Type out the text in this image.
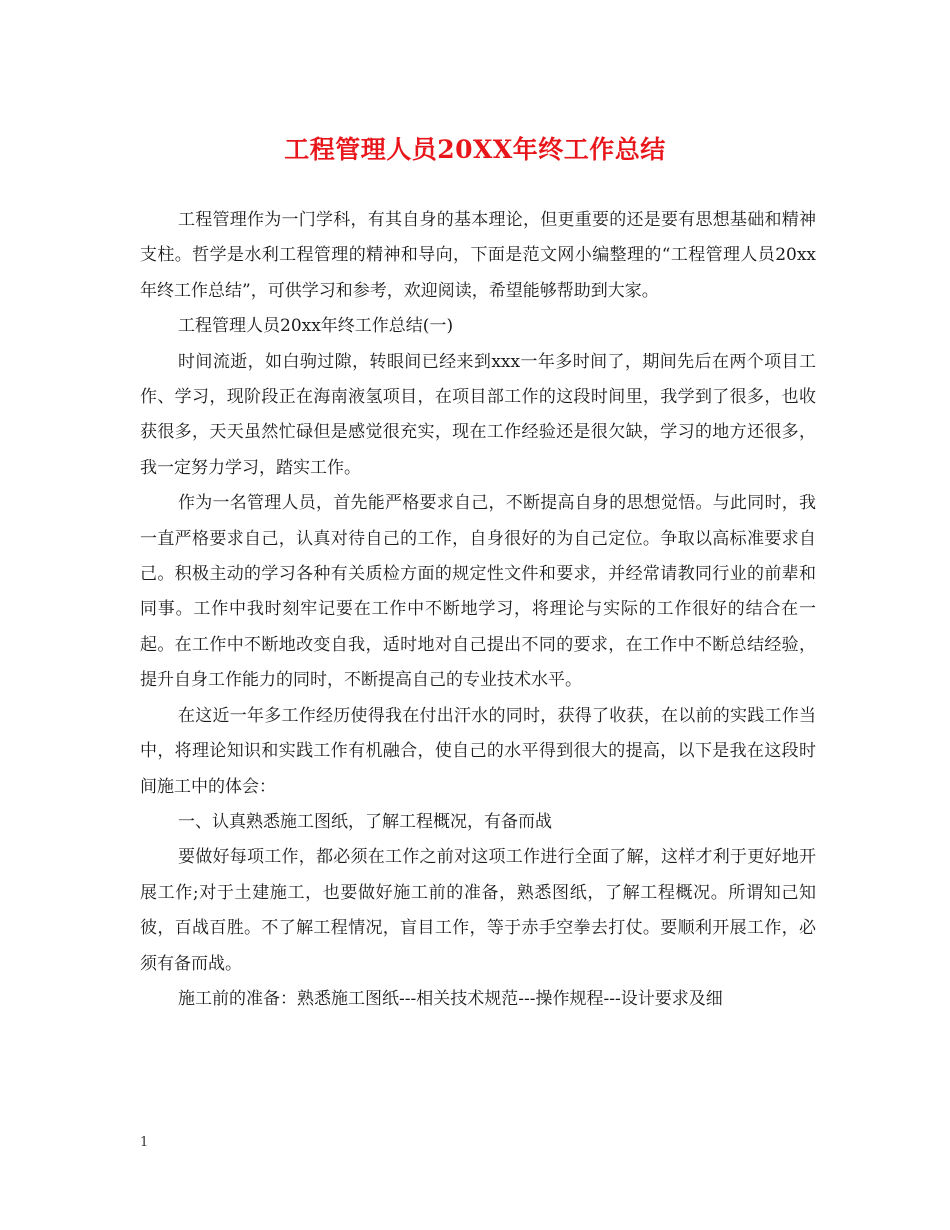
工程管理人员20XX年终工作总结

工程管理作为一门学科，有其自身的基本理论，但更重要的还是要有思想基础和精神支柱。哲学是水利工程管理的精神和导向，下面是范文网小编整理的“工程管理人员20xx年终工作总结”，可供学习和参考，欢迎阅读，希望能够帮助到大家。

工程管理人员20xx年终工作总结(一)

时间流逝，如白驹过隙，转眼间已经来到xxx一年多时间了，期间先后在两个项目工作、学习，现阶段正在海南液氢项目，在项目部工作的这段时间里，我学到了很多，也收获很多，天天虽然忙碌但是感觉很充实，现在工作经验还是很欠缺，学习的地方还很多，我一定努力学习，踏实工作。

作为一名管理人员，首先能严格要求自己，不断提高自身的思想觉悟。与此同时，我一直严格要求自己，认真对待自己的工作，自身很好的为自己定位。争取以高标准要求自己。积极主动的学习各种有关质检方面的规定性文件和要求，并经常请教同行业的前辈和同事。工作中我时刻牢记要在工作中不断地学习，将理论与实际的工作很好的结合在一起。在工作中不断地改变自我，适时地对自己提出不同的要求，在工作中不断总结经验，提升自身工作能力的同时，不断提高自己的专业技术水平。

在这近一年多工作经历使得我在付出汗水的同时，获得了收获，在以前的实践工作当中，将理论知识和实践工作有机融合，使自己的水平得到很大的提高，以下是我在这段时间施工中的体会：

一、认真熟悉施工图纸，了解工程概况，有备而战

要做好每项工作，都必须在工作之前对这项工作进行全面了解，这样才利于更好地开展工作;对于土建施工，也要做好施工前的准备，熟悉图纸，了解工程概况。所谓知己知彼，百战百胜。不了解工程情况，盲目工作，等于赤手空拳去打仗。要顺利开展工作，必须有备而战。

施工前的准备：熟悉施工图纸---相关技术规范---操作规程---设计要求及细

1
